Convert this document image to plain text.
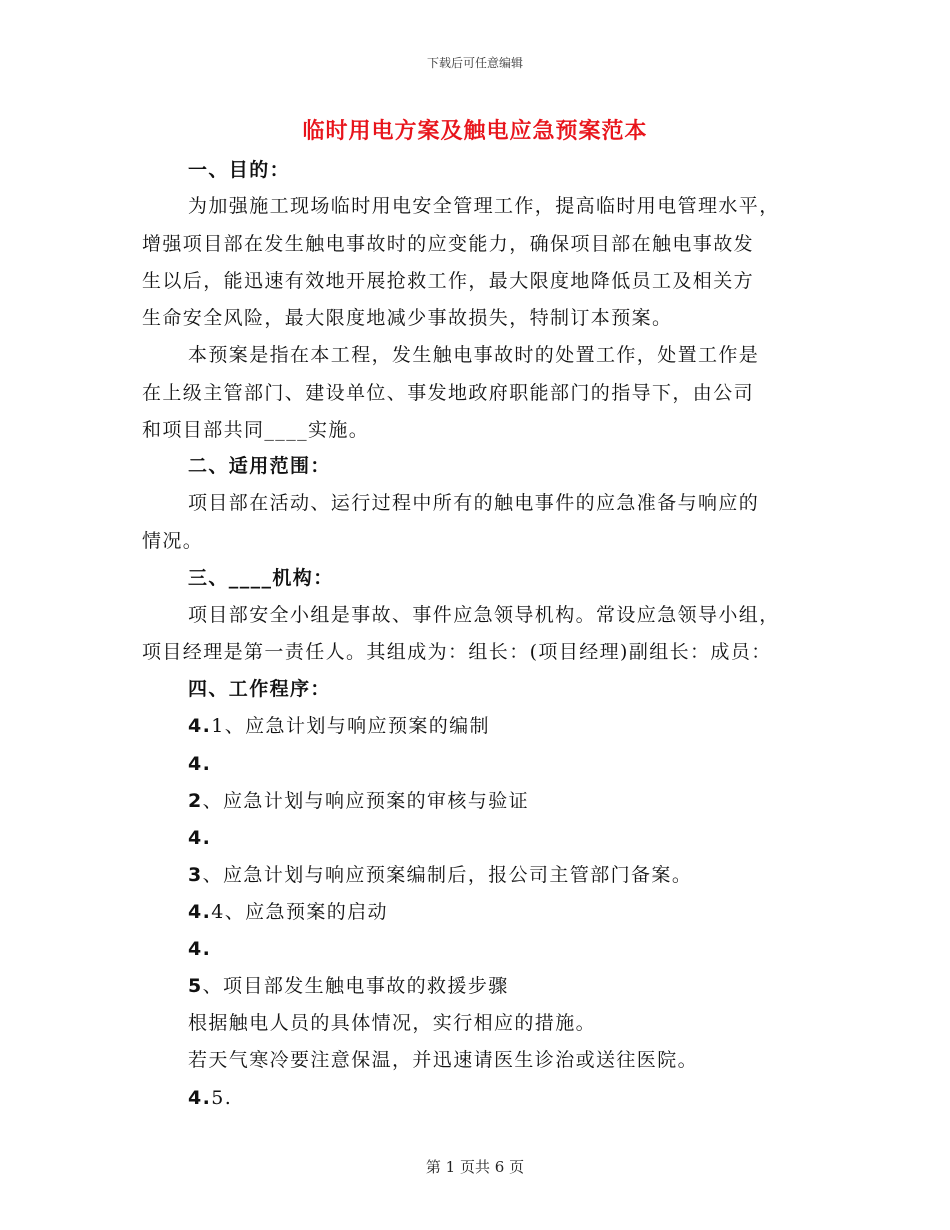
下载后可任意编辑
临时用电方案及触电应急预案范本
一、目的：
为加强施工现场临时用电安全管理工作，提高临时用电管理水平，
增强项目部在发生触电事故时的应变能力，确保项目部在触电事故发
生以后，能迅速有效地开展抢救工作，最大限度地降低员工及相关方
生命安全风险，最大限度地减少事故损失，特制订本预案。
本预案是指在本工程，发生触电事故时的处置工作，处置工作是
在上级主管部门、建设单位、事发地政府职能部门的指导下，由公司
和项目部共同____实施。
二、适用范围：
项目部在活动、运行过程中所有的触电事件的应急准备与响应的
情况。
三、____机构：
项目部安全小组是事故、事件应急领导机构。常设应急领导小组，
项目经理是第一责任人。其组成为：组长：(项目经理)副组长：成员：
四、工作程序：
4.1、应急计划与响应预案的编制
4.
2、应急计划与响应预案的审核与验证
4.
3、应急计划与响应预案编制后，报公司主管部门备案。
4.4、应急预案的启动
4.
5、项目部发生触电事故的救援步骤
根据触电人员的具体情况，实行相应的措施。
若天气寒冷要注意保温，并迅速请医生诊治或送往医院。
4.5.
第 1 页共 6 页
